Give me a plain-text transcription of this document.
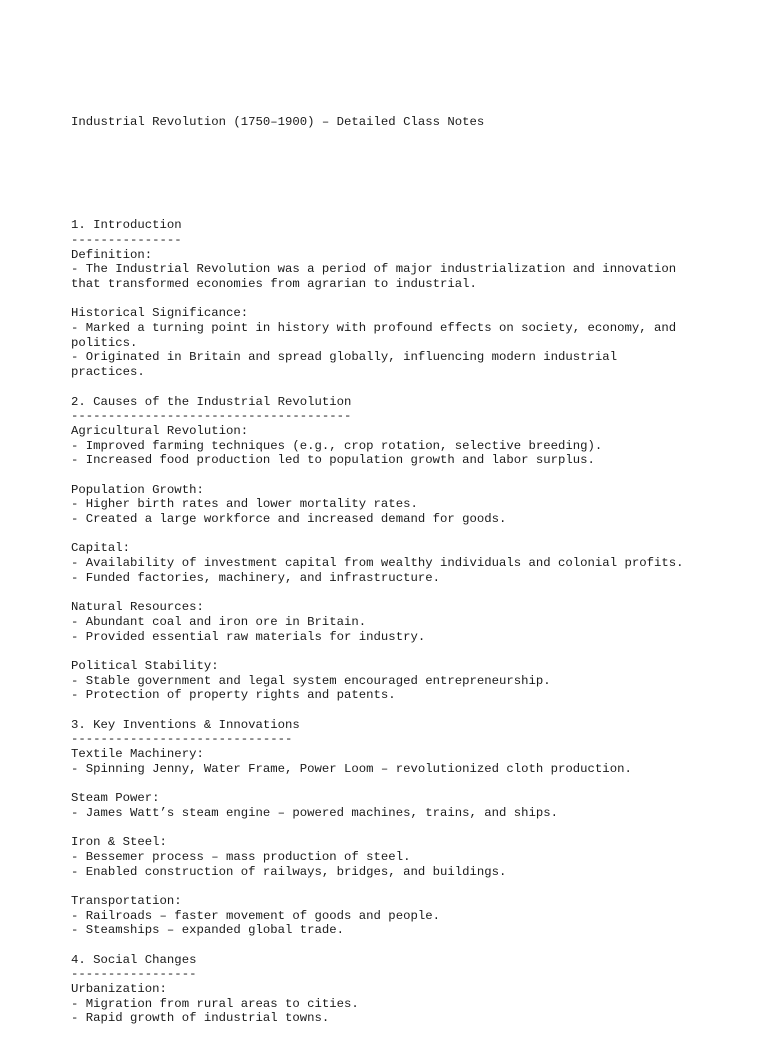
Industrial Revolution (1750–1900) – Detailed Class Notes

1. Introduction
---------------
Definition:
- The Industrial Revolution was a period of major industrialization and innovation
that transformed economies from agrarian to industrial.
Historical Significance:
- Marked a turning point in history with profound effects on society, economy, and
politics.
- Originated in Britain and spread globally, influencing modern industrial
practices.
2. Causes of the Industrial Revolution
--------------------------------------
Agricultural Revolution:
- Improved farming techniques (e.g., crop rotation, selective breeding).
- Increased food production led to population growth and labor surplus.
Population Growth:
- Higher birth rates and lower mortality rates.
- Created a large workforce and increased demand for goods.
Capital:
- Availability of investment capital from wealthy individuals and colonial profits.
- Funded factories, machinery, and infrastructure.
Natural Resources:
- Abundant coal and iron ore in Britain.
- Provided essential raw materials for industry.
Political Stability:
- Stable government and legal system encouraged entrepreneurship.
- Protection of property rights and patents.
3. Key Inventions & Innovations
------------------------------
Textile Machinery:
- Spinning Jenny, Water Frame, Power Loom – revolutionized cloth production.
Steam Power:
- James Watt’s steam engine – powered machines, trains, and ships.
Iron & Steel:
- Bessemer process – mass production of steel.
- Enabled construction of railways, bridges, and buildings.
Transportation:
- Railroads – faster movement of goods and people.
- Steamships – expanded global trade.
4. Social Changes
-----------------
Urbanization:
- Migration from rural areas to cities.
- Rapid growth of industrial towns.
